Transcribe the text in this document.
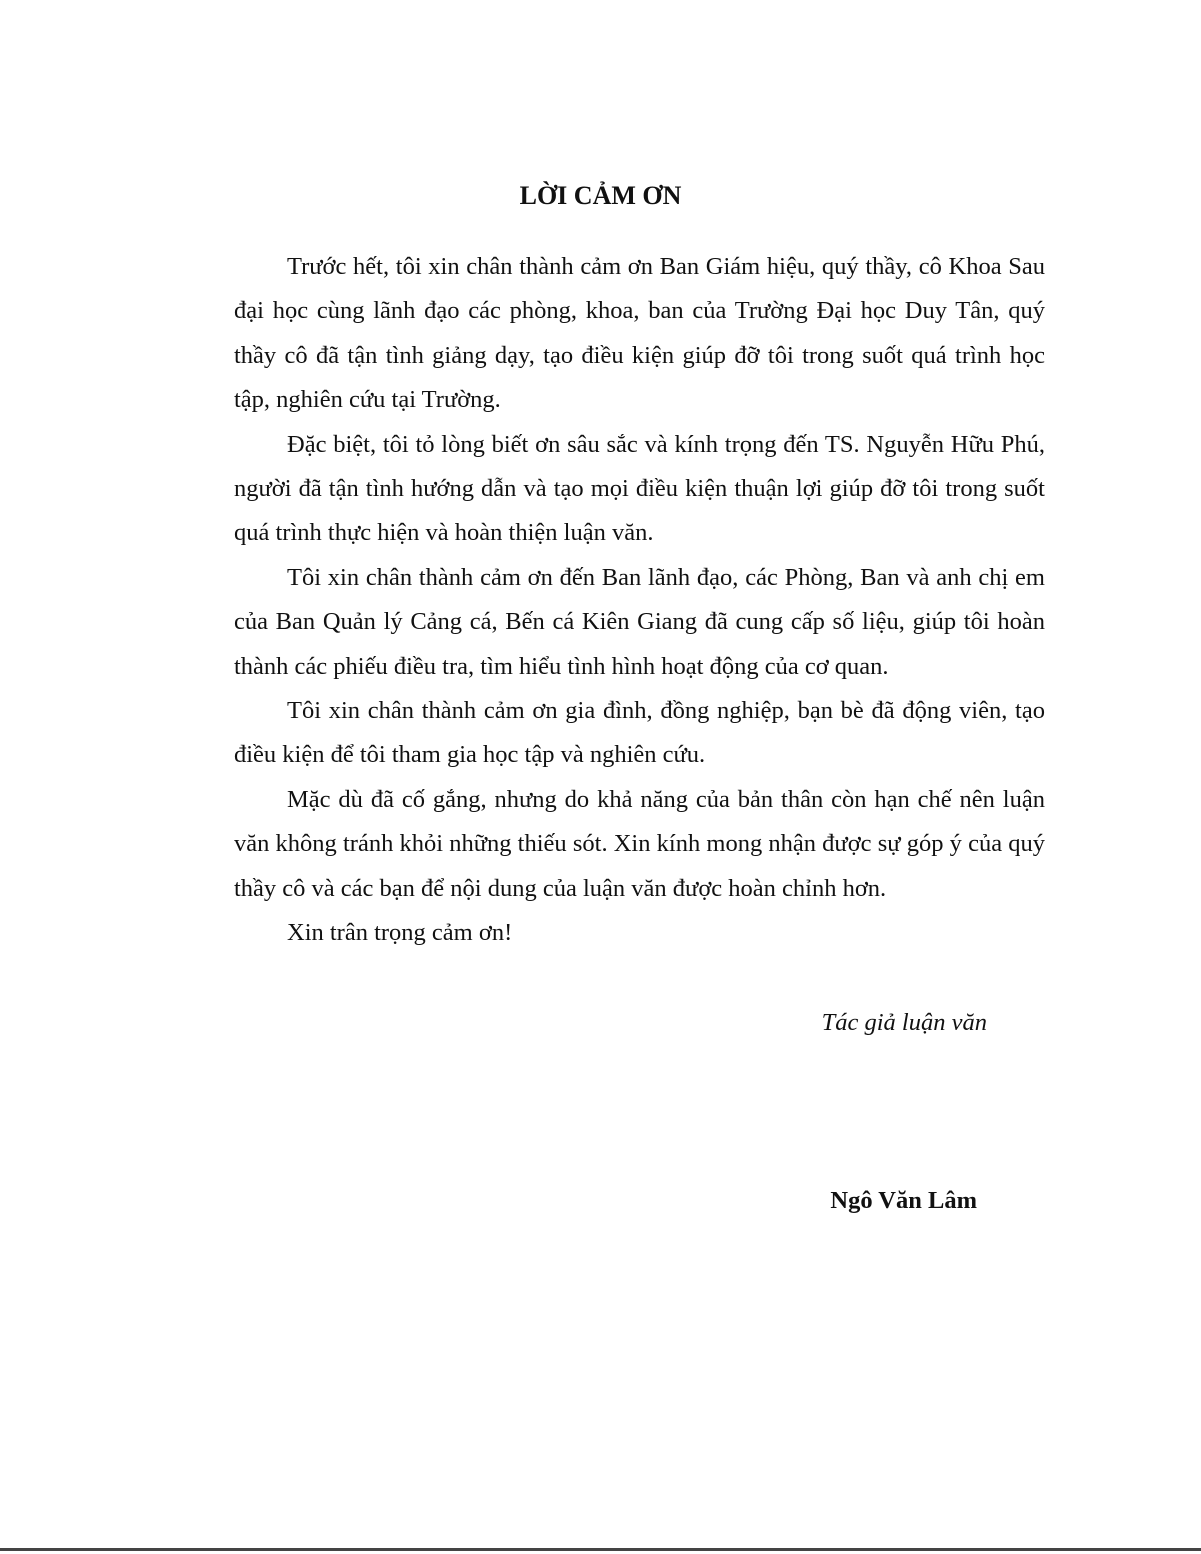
LỜI CẢM ƠN

Trước hết, tôi xin chân thành cảm ơn Ban Giám hiệu, quý thầy, cô Khoa Sau đại học cùng lãnh đạo các phòng, khoa, ban của Trường Đại học Duy Tân, quý thầy cô đã tận tình giảng dạy, tạo điều kiện giúp đỡ tôi trong suốt quá trình học tập, nghiên cứu tại Trường.

Đặc biệt, tôi tỏ lòng biết ơn sâu sắc và kính trọng đến TS. Nguyễn Hữu Phú, người đã tận tình hướng dẫn và tạo mọi điều kiện thuận lợi giúp đỡ tôi trong suốt quá trình thực hiện và hoàn thiện luận văn.

Tôi xin chân thành cảm ơn đến Ban lãnh đạo, các Phòng, Ban và anh chị em của Ban Quản lý Cảng cá, Bến cá Kiên Giang đã cung cấp số liệu, giúp tôi hoàn thành các phiếu điều tra, tìm hiểu tình hình hoạt động của cơ quan.

Tôi xin chân thành cảm ơn gia đình, đồng nghiệp, bạn bè đã động viên, tạo điều kiện để tôi tham gia học tập và nghiên cứu.

Mặc dù đã cố gắng, nhưng do khả năng của bản thân còn hạn chế nên luận văn không tránh khỏi những thiếu sót. Xin kính mong nhận được sự góp ý của quý thầy cô và các bạn để nội dung của luận văn được hoàn chỉnh hơn.

Xin trân trọng cảm ơn!

Tác giả luận văn

Ngô Văn Lâm
